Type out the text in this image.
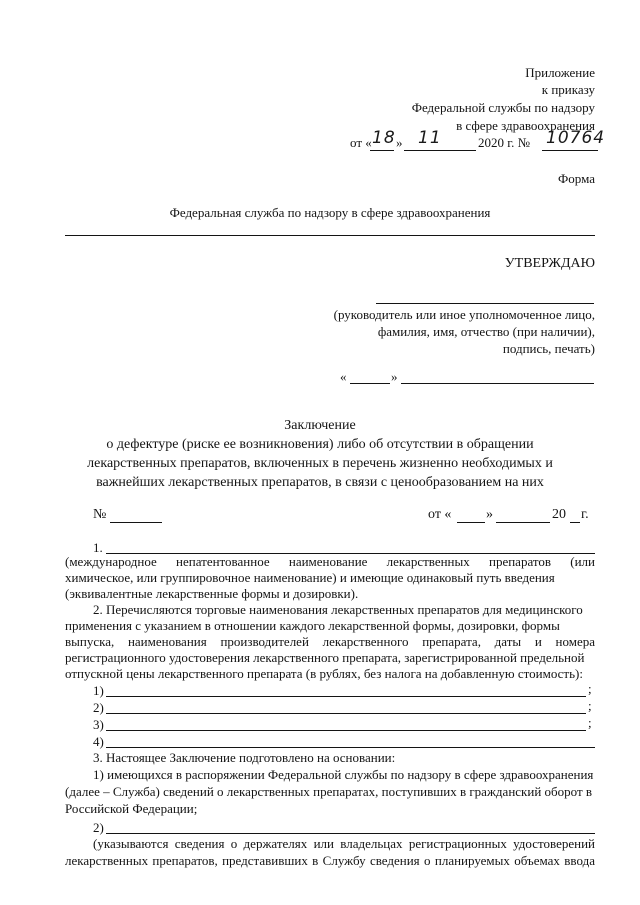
Приложение
к приказу
Федеральной службы по надзору
в сфере здравоохранения
от « 18 » 11	2020 г. № 10764
Форма
Федеральная служба по надзору в сфере здравоохранения
УТВЕРЖДАЮ
(руководитель или иное уполномоченное лицо,
фамилия, имя, отчество (при наличии),
подпись, печать)
«	»
Заключение
о дефектуре (риске ее возникновения) либо об отсутствии в обращении
лекарственных препаратов, включенных в перечень жизненно необходимых и
важнейших лекарственных препаратов, в связи с ценообразованием на них
№	от « »	20 г.
1.
(международное непатентованное наименование лекарственных препаратов (или
химическое, или группировочное наименование) и имеющие одинаковый путь введения
(эквивалентные лекарственные формы и дозировки).
2. Перечисляются торговые наименования лекарственных препаратов для медицинского
применения с указанием в отношении каждого лекарственной формы, дозировки, формы
выпуска, наименования производителей лекарственного препарата, даты и номера
регистрационного удостоверения лекарственного препарата, зарегистрированной предельной
отпускной цены лекарственного препарата (в рублях, без налога на добавленную стоимость):
1)	;
2)	;
3)	;
4)
3. Настоящее Заключение подготовлено на основании:
1) имеющихся в распоряжении Федеральной службы по надзору в сфере здравоохранения
(далее – Служба) сведений о лекарственных препаратах, поступивших в гражданский оборот в
Российской Федерации;
2)
(указываются сведения о держателях или владельцах регистрационных удостоверений
лекарственных препаратов, представивших в Службу сведения о планируемых объемах ввода
